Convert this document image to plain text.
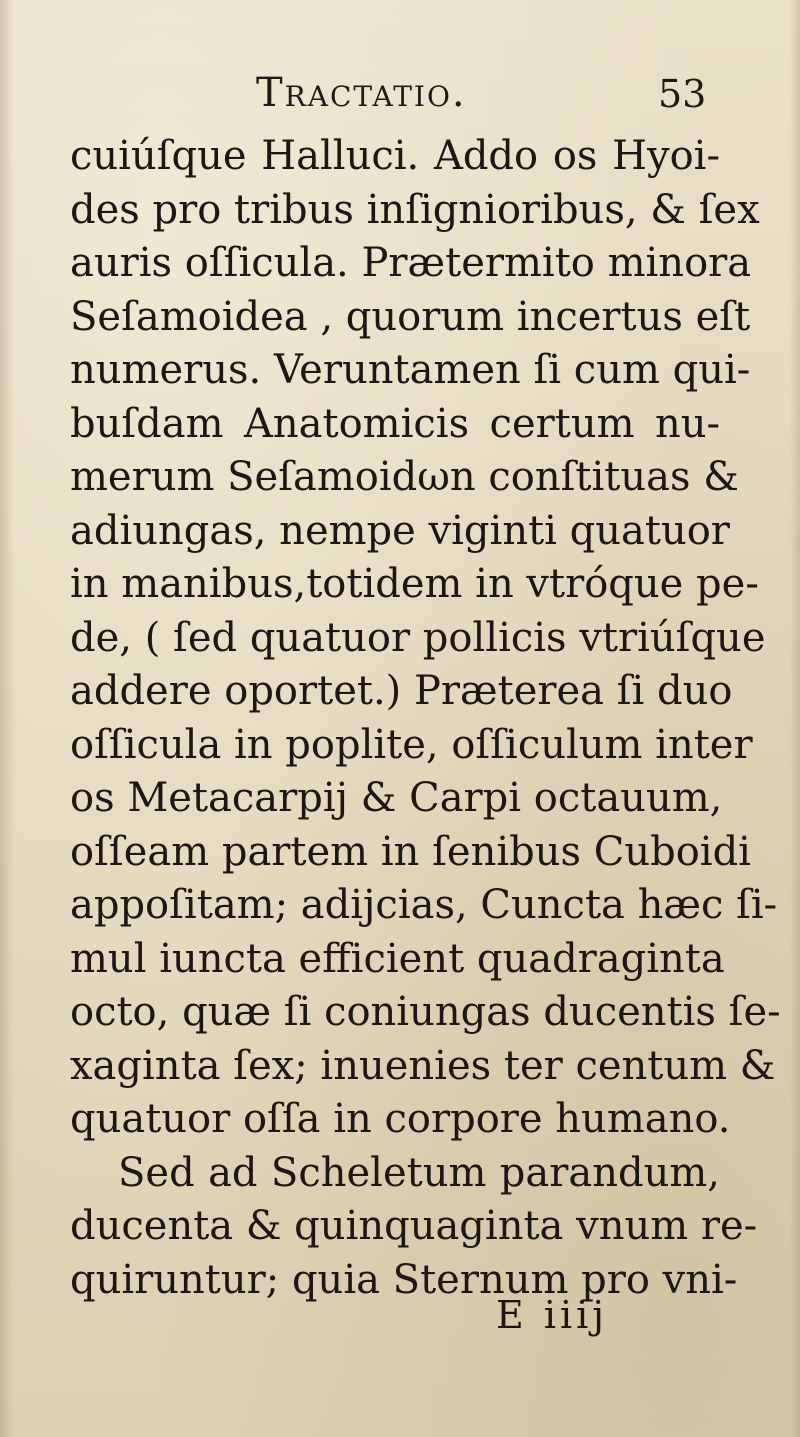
Tractatio.	53
cuiúſque Halluci. Addo os Hyoi-
des pro tribus inſignioribus, & ſex
auris oſſicula. Prætermito minora
Seſamoidea , quorum incertus eſt
numerus. Veruntamen ſi cum qui-
buſdam Anatomicis certum nu-
merum Seſamoidωn conſtituas &
adiungas, nempe viginti quatuor
in manibus,totidem in vtróque pe-
de, ( ſed quatuor pollicis vtriúſque
addere oportet.) Præterea ſi duo
oſſicula in poplite, oſſiculum inter
os Metacarpij & Carpi octauum,
oſſeam partem in ſenibus Cuboidi
appoſitam; adijcias, Cuncta hæc ſi-
mul iuncta efficient quadraginta
octo, quæ ſi coniungas ducentis ſe-
xaginta ſex; inuenies ter centum &
quatuor oſſa in corpore humano.
Sed ad Scheletum parandum,
ducenta & quinquaginta vnum re-
quiruntur; quia Sternum pro vni-
E iiij
